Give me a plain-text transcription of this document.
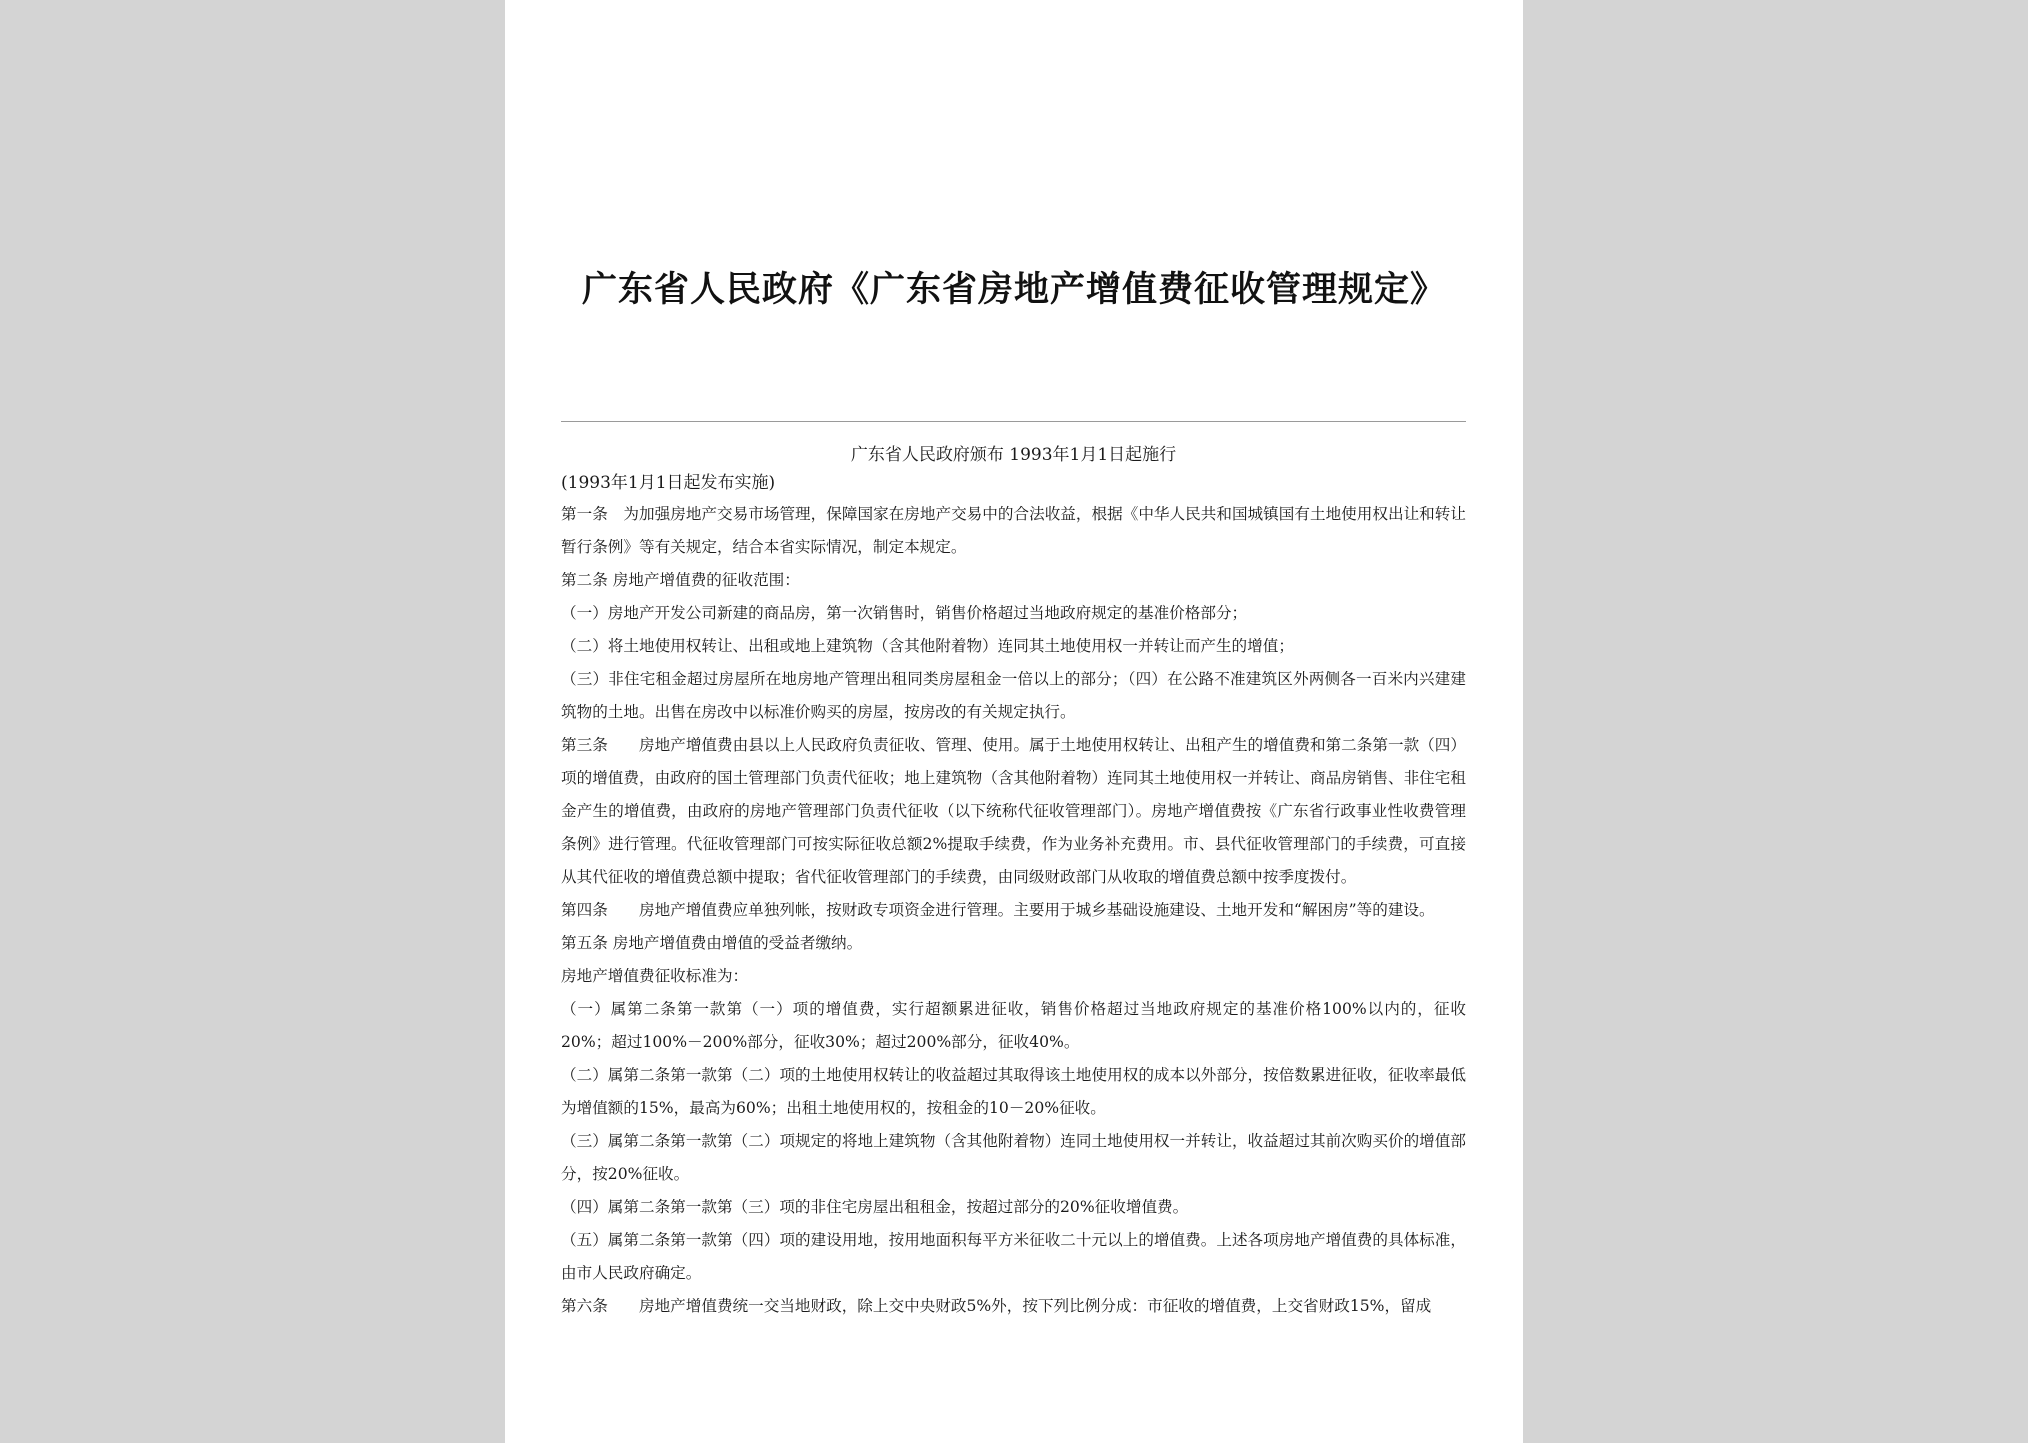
广东省人民政府《广东省房地产增值费征收管理规定》
广东省人民政府颁布 1993年1月1日起施行
(1993年1月1日起发布实施)

第一条　为加强房地产交易市场管理，保障国家在房地产交易中的合法收益，根据《中华人民共和国城镇国有土地使用权出让和转让暂行条例》等有关规定，结合本省实际情况，制定本规定。

第二条 房地产增值费的征收范围：

（一）房地产开发公司新建的商品房，第一次销售时，销售价格超过当地政府规定的基准价格部分；

（二）将土地使用权转让、出租或地上建筑物（含其他附着物）连同其土地使用权一并转让而产生的增值；

（三）非住宅租金超过房屋所在地房地产管理出租同类房屋租金一倍以上的部分；（四）在公路不准建筑区外两侧各一百米内兴建建筑物的土地。出售在房改中以标准价购买的房屋，按房改的有关规定执行。

第三条　　房地产增值费由县以上人民政府负责征收、管理、使用。属于土地使用权转让、出租产生的增值费和第二条第一款（四）项的增值费，由政府的国土管理部门负责代征收；地上建筑物（含其他附着物）连同其土地使用权一并转让、商品房销售、非住宅租金产生的增值费，由政府的房地产管理部门负责代征收（以下统称代征收管理部门）。房地产增值费按《广东省行政事业性收费管理条例》进行管理。代征收管理部门可按实际征收总额2%提取手续费，作为业务补充费用。市、县代征收管理部门的手续费，可直接从其代征收的增值费总额中提取；省代征收管理部门的手续费，由同级财政部门从收取的增值费总额中按季度拨付。

第四条　　房地产增值费应单独列帐，按财政专项资金进行管理。主要用于城乡基础设施建设、土地开发和“解困房”等的建设。

第五条 房地产增值费由增值的受益者缴纳。

房地产增值费征收标准为：

（一）属第二条第一款第（一）项的增值费，实行超额累进征收，销售价格超过当地政府规定的基准价格100%以内的，征收20%；超过100%－200%部分，征收30%；超过200%部分，征收40%。

（二）属第二条第一款第（二）项的土地使用权转让的收益超过其取得该土地使用权的成本以外部分，按倍数累进征收，征收率最低为增值额的15%，最高为60%；出租土地使用权的，按租金的10－20%征收。

（三）属第二条第一款第（二）项规定的将地上建筑物（含其他附着物）连同土地使用权一并转让，收益超过其前次购买价的增值部分，按20%征收。

（四）属第二条第一款第（三）项的非住宅房屋出租租金，按超过部分的20%征收增值费。

（五）属第二条第一款第（四）项的建设用地，按用地面积每平方米征收二十元以上的增值费。上述各项房地产增值费的具体标准，由市人民政府确定。

第六条　　房地产增值费统一交当地财政，除上交中央财政5%外，按下列比例分成：市征收的增值费，上交省财政15%，留成
